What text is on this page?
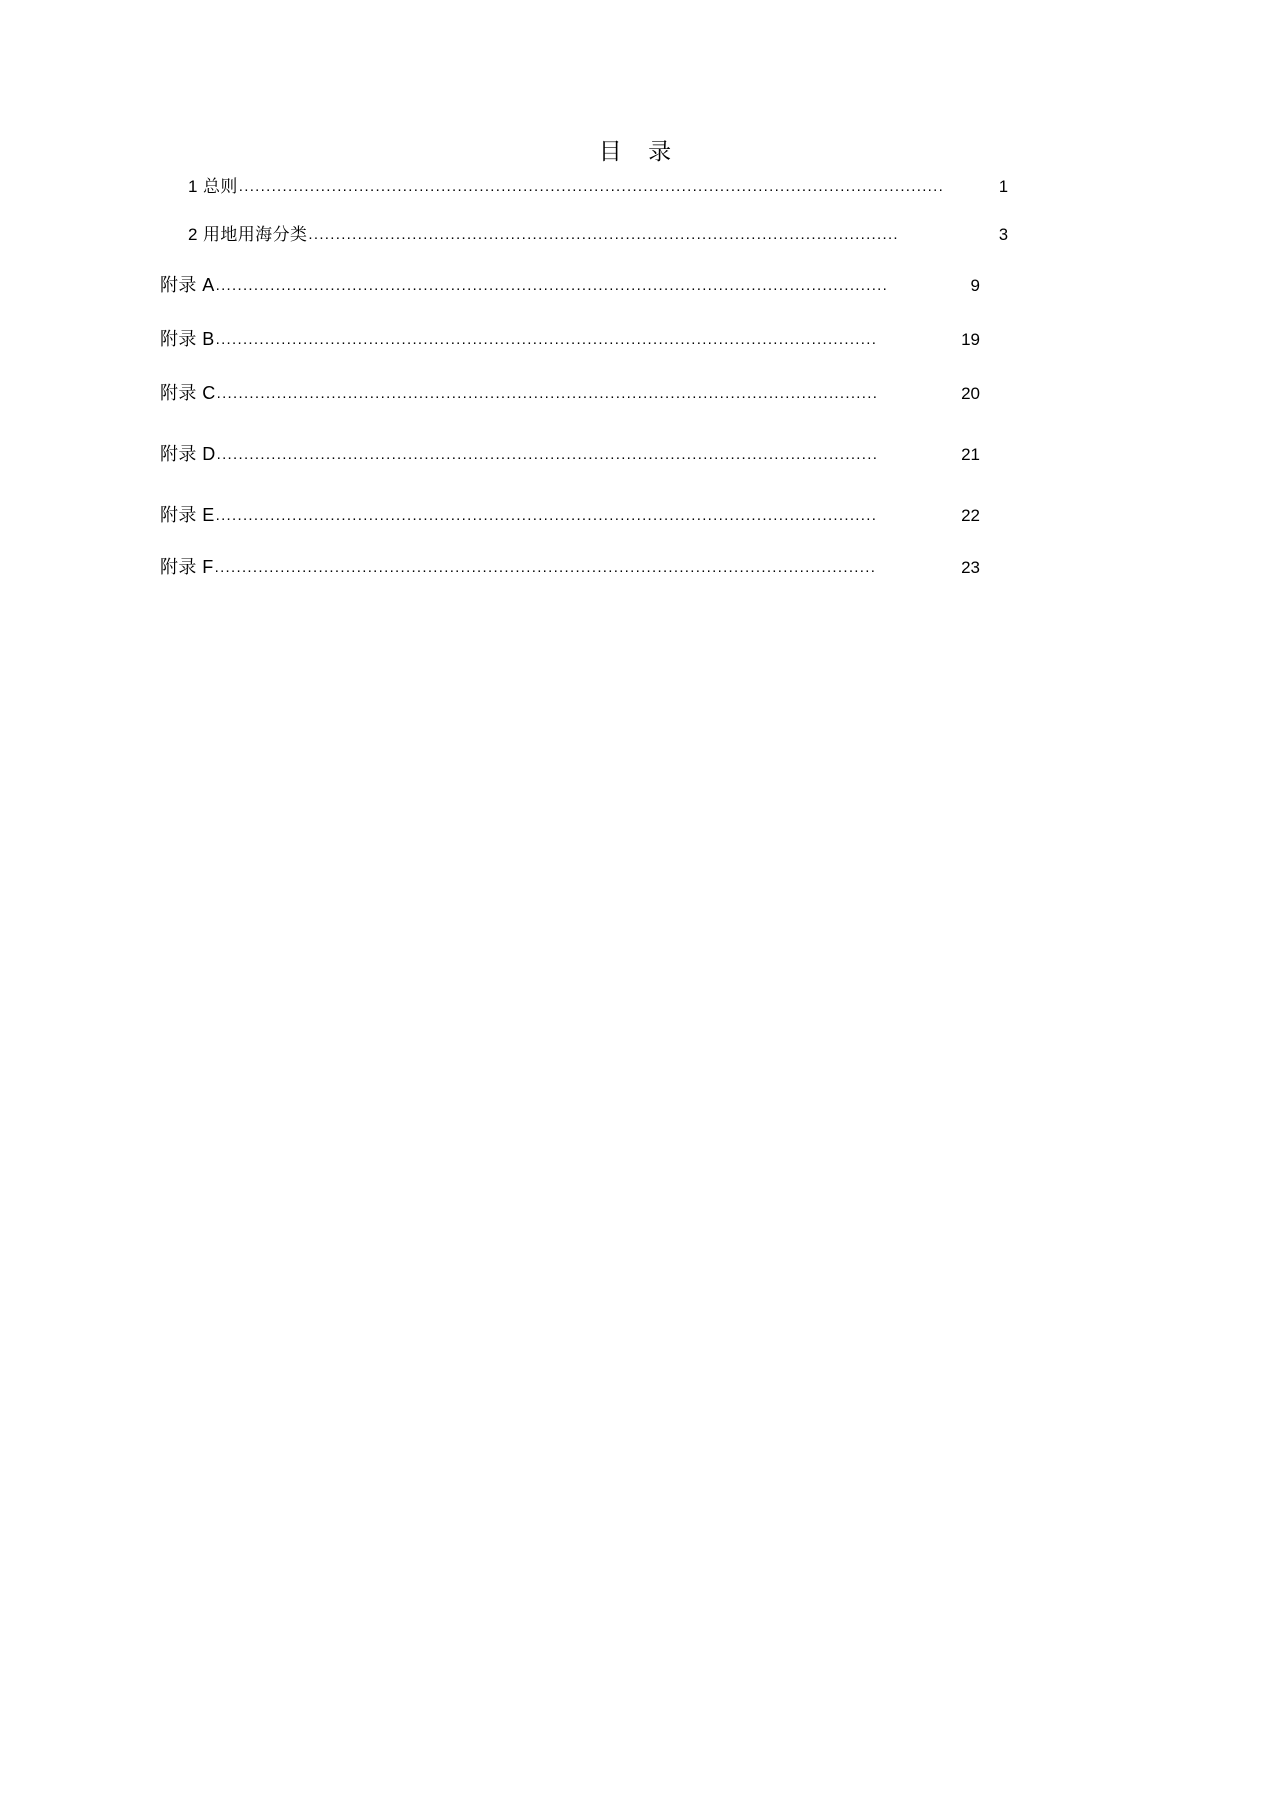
目 录
1 总则 .................................................................................................................................	1
2 用地用海分类 ............................................................................................................	3
附录 A ...........................................................................................................................	9
附录 B .........................................................................................................................	19
附录 C .........................................................................................................................	20
附录 D .........................................................................................................................	21
附录 E .........................................................................................................................	22
附录 F .........................................................................................................................	23
